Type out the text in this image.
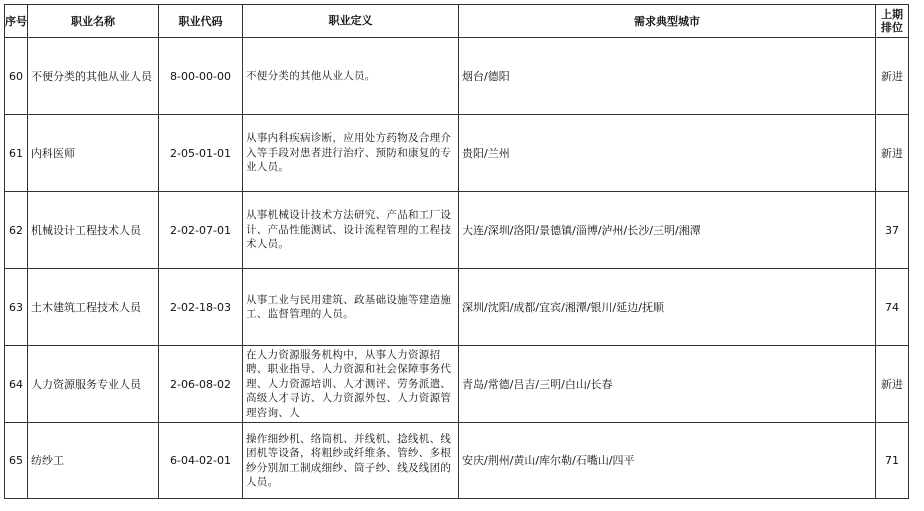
序号	职业名称	职业代码	职业定义	需求典型城市	上期排位
60	不便分类的其他从业人员	8-00-00-00	不便分类的其他从业人员。	烟台/德阳	新进
61	内科医师	2-05-01-01	从事内科疾病诊断，应用处方药物及合理介入等手段对患者进行治疗、预防和康复的专业人员。	贵阳/兰州	新进
62	机械设计工程技术人员	2-02-07-01	从事机械设计技术方法研究、产品和工厂设计、产品性能测试、设计流程管理的工程技术人员。	大连/深圳/洛阳/景德镇/淄博/泸州/长沙/三明/湘潭	37
63	土木建筑工程技术人员	2-02-18-03	从事工业与民用建筑、政基础设施等建造施工、监督管理的人员。	深圳/沈阳/成都/宜宾/湘潭/银川/延边/抚顺	74
64	人力资源服务专业人员	2-06-08-02	在人力资源服务机构中，从事人力资源招聘、职业指导、人力资源和社会保障事务代理、人力资源培训、人才测评、劳务派遣、高级人才寻访、人力资源外包、人力资源管理咨询、人	青岛/常德/吕吉/三明/白山/长春	新进
65	纺纱工	6-04-02-01	操作细纱机、络筒机、并线机、捻线机、线团机等设备，将粗纱或纤维条、管纱、多根纱分别加工制成细纱、筒子纱、线及线团的人员。	安庆/荆州/黄山/库尔勒/石嘴山/四平	71
